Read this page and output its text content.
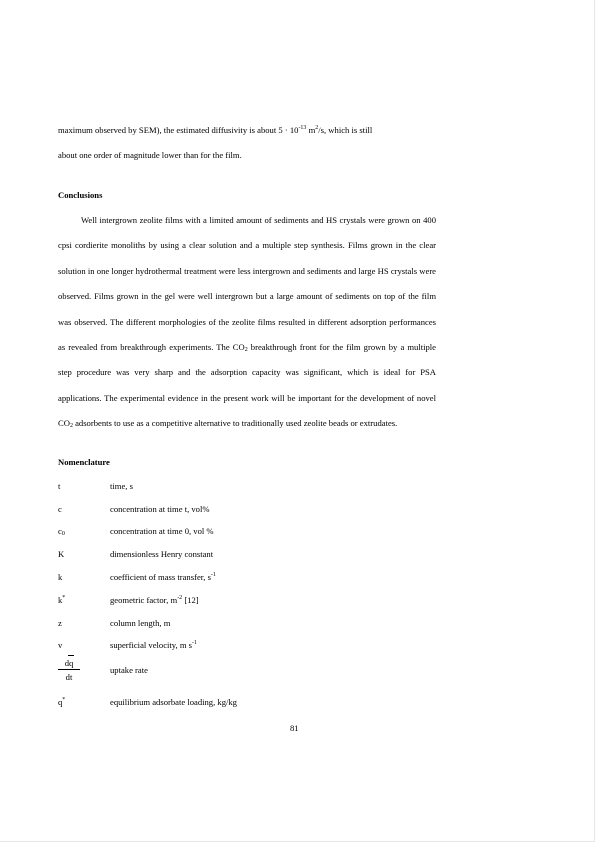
maximum observed by SEM), the estimated diffusivity is about $5 \cdot 10^{-13}$ $m^2/s$, which is still
about one order of magnitude lower than for the film.

Conclusions

Well intergrown zeolite films with a limited amount of sediments and HS crystals were grown on 400 cpsi cordierite monoliths by using a clear solution and a multiple step synthesis. Films grown in the clear solution in one longer hydrothermal treatment were less intergrown and sediments and large HS crystals were observed. Films grown in the gel were well intergrown but a large amount of sediments on top of the film was observed. The different morphologies of the zeolite films resulted in different adsorption performances as revealed from breakthrough experiments. The $CO_2$ breakthrough front for the film grown by a multiple step procedure was very sharp and the adsorption capacity was significant, which is ideal for PSA applications. The experimental evidence in the present work will be important for the development of novel $CO_2$ adsorbents to use as a competitive alternative to traditionally used zeolite beads or extrudates.

Nomenclature

t	time, s
c	concentration at time t, vol%
$c_0$	concentration at time 0, vol %
K	dimensionless Henry constant
k	coefficient of mass transfer, $s^{-1}$
k*	geometric factor, $m^{-2}$ [12]
z	column length, m
v	superficial velocity, m $s^{-1}$
$\frac{dq}{dt}$	uptake rate
q*	equilibrium adsorbate loading, kg/kg
81
